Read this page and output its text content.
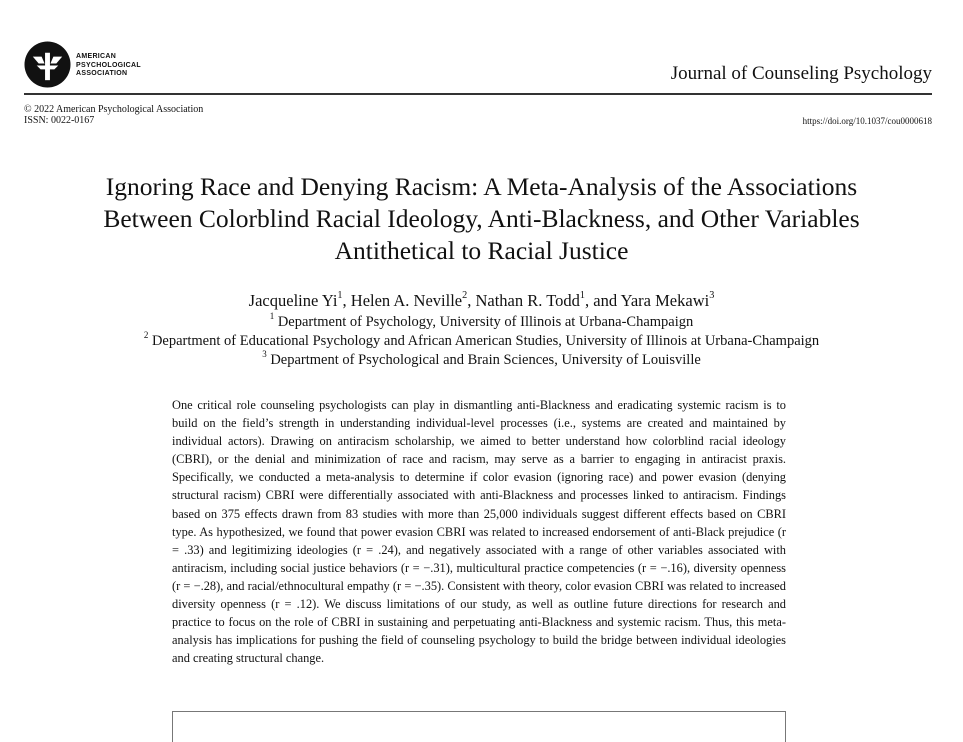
AMERICAN
PSYCHOLOGICAL
ASSOCIATION	Journal of Counseling Psychology
© 2022 American Psychological Association
ISSN: 0022-0167	https://doi.org/10.1037/cou0000618
Ignoring Race and Denying Racism: A Meta-Analysis of the Associations
Between Colorblind Racial Ideology, Anti-Blackness, and Other Variables
Antithetical to Racial Justice
Jacqueline Yi$^1$, Helen A. Neville$^2$, Nathan R. Todd$^1$, and Yara Mekawi$^3$
$^1$ Department of Psychology, University of Illinois at Urbana-Champaign
$^2$ Department of Educational Psychology and African American Studies, University of Illinois at Urbana-Champaign
$^3$ Department of Psychological and Brain Sciences, University of Louisville

One critical role counseling psychologists can play in dismantling anti-Blackness and eradicating systemic racism is to build on the field’s strength in understanding individual-level processes (i.e., systems are created and maintained by individual actors). Drawing on antiracism scholarship, we aimed to better understand how colorblind racial ideology (CBRI), or the denial and minimization of race and racism, may serve as a barrier to engaging in antiracist praxis. Specifically, we conducted a meta-analysis to determine if color evasion (ignoring race) and power evasion (denying structural racism) CBRI were differentially associated with anti-Blackness and processes linked to antiracism. Findings based on 375 effects drawn from 83 studies with more than 25,000 individuals suggest different effects based on CBRI type. As hypothesized, we found that power evasion CBRI was related to increased endorsement of anti-Black prejudice (r = .33) and legitimizing ideologies (r = .24), and negatively associated with a range of other variables associated with antiracism, including social justice behaviors (r = −.31), multicultural practice competencies (r = −.16), diversity openness (r = −.28), and racial/ethnocultural empathy (r = −.35). Consistent with theory, color evasion CBRI was related to increased diversity openness (r = .12). We discuss limitations of our study, as well as outline future directions for research and practice to focus on the role of CBRI in sustaining and perpetuating anti-Blackness and systemic racism. Thus, this meta-analysis has implications for pushing the field of counseling psychology to build the bridge between individual ideologies and creating structural change.
